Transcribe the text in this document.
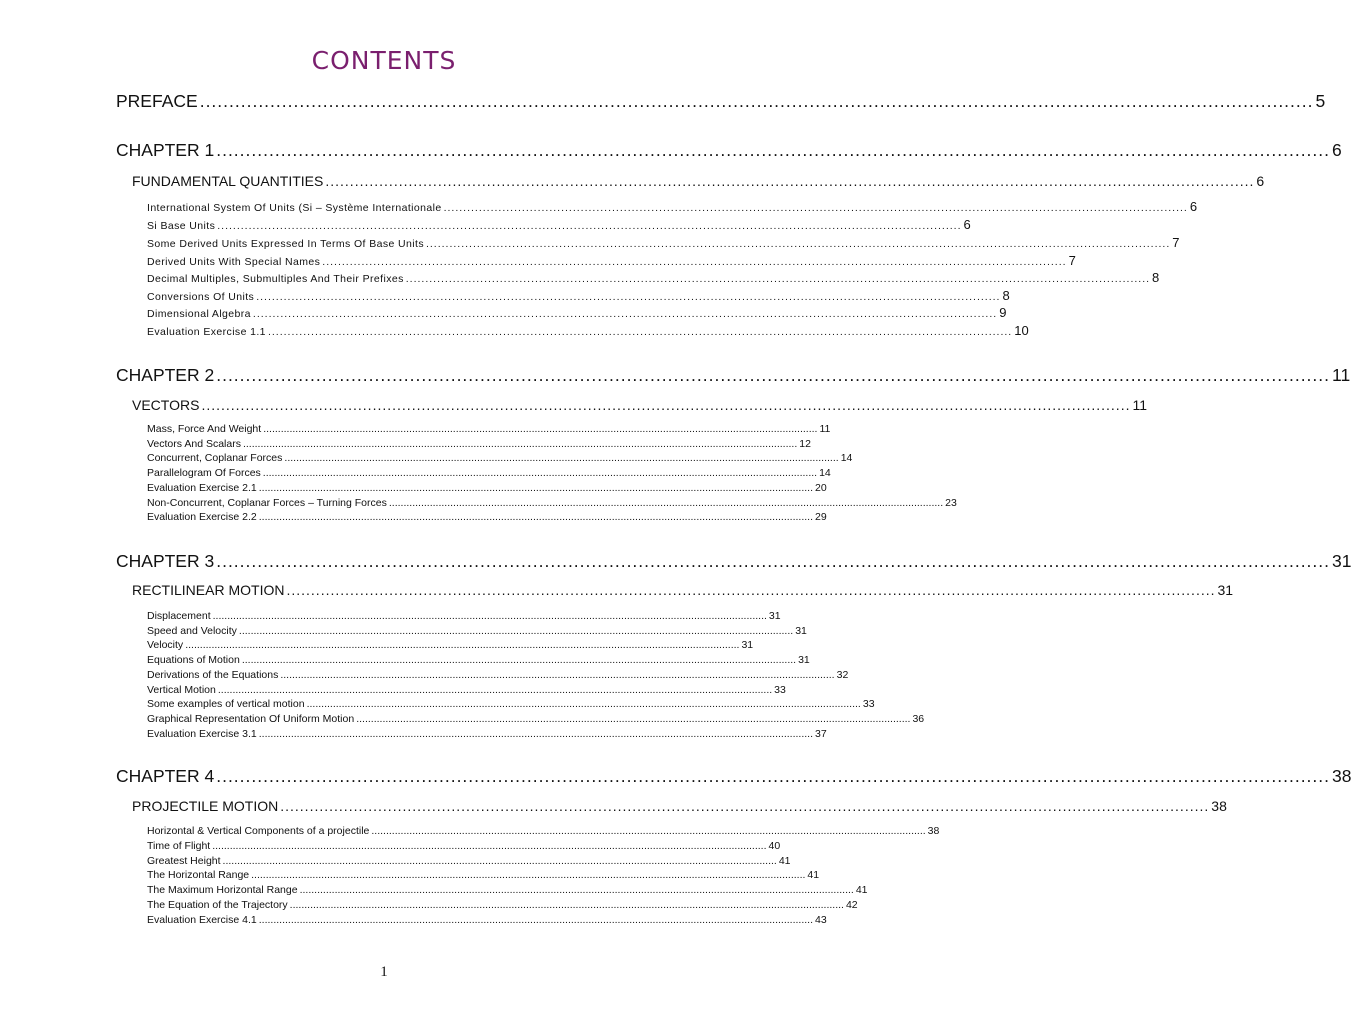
CONTENTS
PREFACE .............................................................................................................................................................................................. 5
CHAPTER 1 .............................................................................................................................................................................................. 6
FUNDAMENTAL QUANTITIES .............................................................................................................................................................................................. 6
International System Of Units (Si – Système Internationale .............................................................................................................................................................................................. 6
Si Base Units .............................................................................................................................................................................................. 6
Some Derived Units Expressed In Terms Of Base Units .............................................................................................................................................................................................. 7
Derived Units With Special Names .............................................................................................................................................................................................. 7
Decimal Multiples, Submultiples And Their Prefixes .............................................................................................................................................................................................. 8
Conversions Of Units .............................................................................................................................................................................................. 8
Dimensional Algebra .............................................................................................................................................................................................. 9
Evaluation Exercise 1.1 .............................................................................................................................................................................................. 10
CHAPTER 2 .............................................................................................................................................................................................. 11
VECTORS .............................................................................................................................................................................................. 11
Mass, Force And Weight .............................................................................................................................................................................................. 11
Vectors And Scalars .............................................................................................................................................................................................. 12
Concurrent, Coplanar Forces .............................................................................................................................................................................................. 14
Parallelogram Of Forces .............................................................................................................................................................................................. 14
Evaluation Exercise 2.1 .............................................................................................................................................................................................. 20
Non-Concurrent, Coplanar Forces – Turning Forces .............................................................................................................................................................................................. 23
Evaluation Exercise 2.2 .............................................................................................................................................................................................. 29
CHAPTER 3 .............................................................................................................................................................................................. 31
RECTILINEAR MOTION .............................................................................................................................................................................................. 31
Displacement .............................................................................................................................................................................................. 31
Speed and Velocity .............................................................................................................................................................................................. 31
Velocity .............................................................................................................................................................................................. 31
Equations of Motion .............................................................................................................................................................................................. 31
Derivations of the Equations .............................................................................................................................................................................................. 32
Vertical Motion .............................................................................................................................................................................................. 33
Some examples of vertical motion .............................................................................................................................................................................................. 33
Graphical Representation Of Uniform Motion .............................................................................................................................................................................................. 36
Evaluation Exercise 3.1 .............................................................................................................................................................................................. 37
CHAPTER 4 .............................................................................................................................................................................................. 38
PROJECTILE MOTION .............................................................................................................................................................................................. 38
Horizontal & Vertical Components of a projectile .............................................................................................................................................................................................. 38
Time of Flight .............................................................................................................................................................................................. 40
Greatest Height .............................................................................................................................................................................................. 41
The Horizontal Range .............................................................................................................................................................................................. 41
The Maximum Horizontal Range .............................................................................................................................................................................................. 41
The Equation of the Trajectory .............................................................................................................................................................................................. 42
Evaluation Exercise 4.1 .............................................................................................................................................................................................. 43
1
